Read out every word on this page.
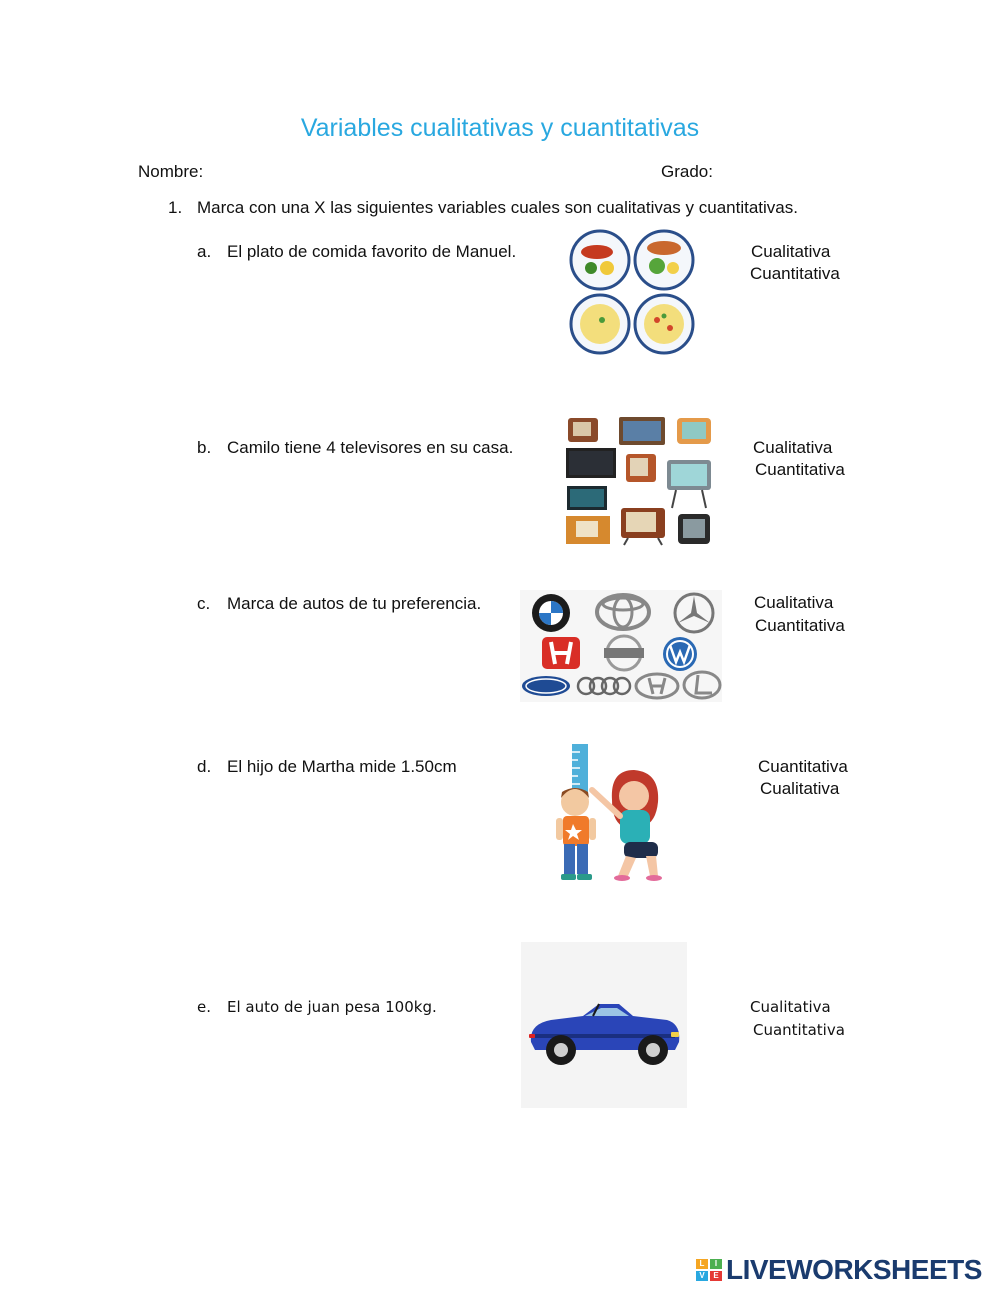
Variables cualitativas y cuantitativas
Nombre:	Grado:
1. Marca con una X las siguientes variables cuales son cualitativas y cuantitativas.
a. El plato de comida favorito de Manuel.	Cualitativa
Cuantitativa
b. Camilo tiene 4 televisores en su casa.	Cualitativa
Cuantitativa
c. Marca de autos de tu preferencia.	Cualitativa
Cuantitativa
d. El hijo de Martha mide 1.50cm	Cuantitativa
Cualitativa
e. El auto de juan pesa 100kg.	Cualitativa
Cuantitativa
L	I
V	E LIVEWORKSHEETS
